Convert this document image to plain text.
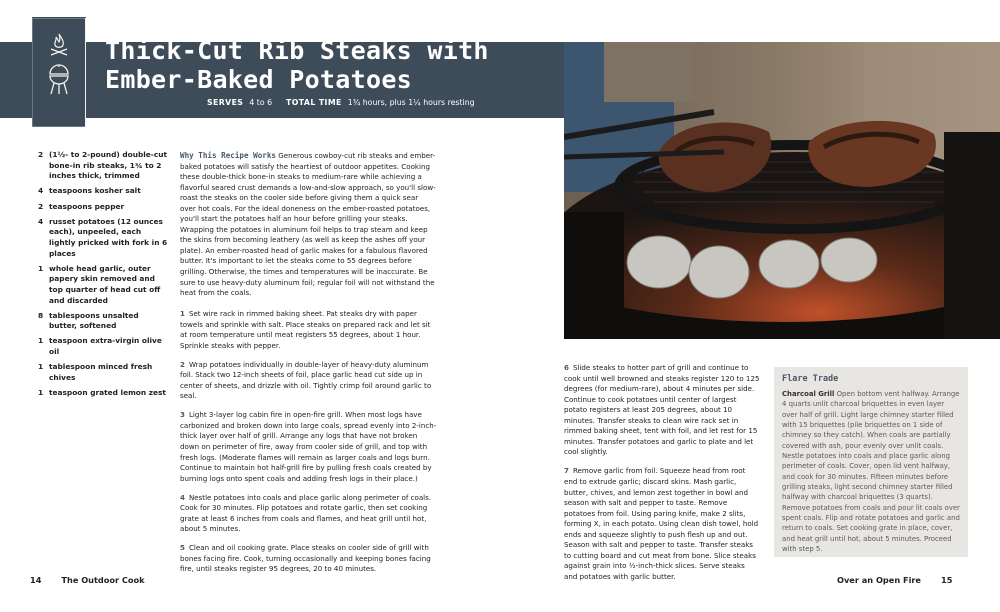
Thick-Cut Rib Steaks with
Ember-Baked Potatoes
SERVES 4 to 6 TOTAL TIME 1¾ hours, plus 1¼ hours resting
2 (1½- to 2-pound) double-cut bone-in rib steaks, 1¾ to 2 inches thick, trimmed
4 teaspoons kosher salt
2 teaspoons pepper
4 russet potatoes (12 ounces each), unpeeled, each lightly pricked with fork in 6 places
1 whole head garlic, outer papery skin removed and top quarter of head cut off and discarded
8 tablespoons unsalted butter, softened
1 teaspoon extra-virgin olive oil
1 tablespoon minced fresh chives
1 teaspoon grated lemon zest
Why This Recipe Works Generous cowboy-cut rib steaks and ember-baked potatoes will satisfy the heartiest of outdoor appetites. Cooking these double-thick bone-in steaks to medium-rare while achieving a flavorful seared crust demands a low-and-slow approach, so you'll slow-roast the steaks on the cooler side before giving them a quick sear over hot coals. For the ideal doneness on the ember-roasted potatoes, you'll start the potatoes half an hour before grilling your steaks. Wrapping the potatoes in aluminum foil helps to trap steam and keep the skins from becoming leathery (as well as keep the ashes off your plate). An ember-roasted head of garlic makes for a fabulous flavored butter. It's important to let the steaks come to 55 degrees before grilling. Otherwise, the times and temperatures will be inaccurate. Be sure to use heavy-duty aluminum foil; regular foil will not withstand the heat from the coals.
1 Set wire rack in rimmed baking sheet. Pat steaks dry with paper towels and sprinkle with salt. Place steaks on prepared rack and let sit at room temperature until meat registers 55 degrees, about 1 hour. Sprinkle steaks with pepper.
2 Wrap potatoes individually in double-layer of heavy-duty aluminum foil. Stack two 12-inch sheets of foil, place garlic head cut side up in center of sheets, and drizzle with oil. Tightly crimp foil around garlic to seal.
3 Light 3-layer log cabin fire in open-fire grill. When most logs have carbonized and broken down into large coals, spread evenly into 2-inch-thick layer over half of grill. Arrange any logs that have not broken down on perimeter of fire, away from cooler side of grill, and top with fresh logs. (Moderate flames will remain as larger coals and logs burn. Continue to maintain hot half-grill fire by pulling fresh coals created by burning logs onto spent coals and adding fresh logs in their place.)
4 Nestle potatoes into coals and place garlic along perimeter of coals. Cook for 30 minutes. Flip potatoes and rotate garlic, then set cooking grate at least 6 inches from coals and flames, and heat grill until hot, about 5 minutes.
5 Clean and oil cooking grate. Place steaks on cooler side of grill with bones facing fire. Cook, turning occasionally and keeping bones facing fire, until steaks register 95 degrees, 20 to 40 minutes.
6 Slide steaks to hotter part of grill and continue to cook until well browned and steaks register 120 to 125 degrees (for medium-rare), about 4 minutes per side. Continue to cook potatoes until center of largest potato registers at least 205 degrees, about 10 minutes. Transfer steaks to clean wire rack set in rimmed baking sheet, tent with foil, and let rest for 15 minutes. Transfer potatoes and garlic to plate and let cool slightly.
7 Remove garlic from foil. Squeeze head from root end to extrude garlic; discard skins. Mash garlic, butter, chives, and lemon zest together in bowl and season with salt and pepper to taste. Remove potatoes from foil. Using paring knife, make 2 slits, forming X, in each potato. Using clean dish towel, hold ends and squeeze slightly to push flesh up and out. Season with salt and pepper to taste. Transfer steaks to cutting board and cut meat from bone. Slice steaks against grain into ½-inch-thick slices. Serve steaks and potatoes with garlic butter.
Flare Trade

Charcoal Grill Open bottom vent halfway. Arrange 4 quarts unlit charcoal briquettes in even layer over half of grill. Light large chimney starter filled with 15 briquettes (pile briquettes on 1 side of chimney so they catch). When coals are partially covered with ash, pour evenly over unlit coals. Nestle potatoes into coals and place garlic along perimeter of coals. Cover, open lid vent halfway, and cook for 30 minutes. Fifteen minutes before grilling steaks, light second chimney starter filled halfway with charcoal briquettes (3 quarts). Remove potatoes from coals and pour lit coals over spent coals. Flip and rotate potatoes and garlic and return to coals. Set cooking grate in place, cover, and heat grill until hot, about 5 minutes. Proceed with step 5.

14 The Outdoor Cook	Over an Open Fire 15
